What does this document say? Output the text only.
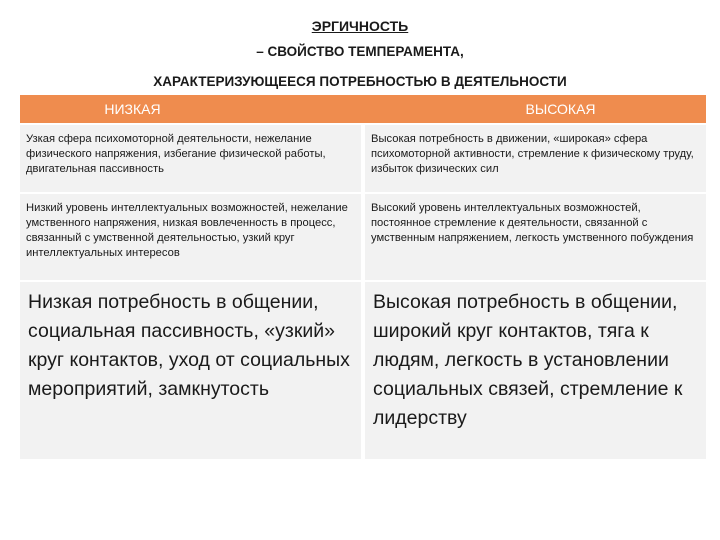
ЭРГИЧНОСТЬ
– СВОЙСТВО ТЕМПЕРАМЕНТА,
ХАРАКТЕРИЗУЮЩЕЕСЯ ПОТРЕБНОСТЬЮ В ДЕЯТЕЛЬНОСТИ
НИЗКАЯ	ВЫСОКАЯ
Узкая сфера психомоторной деятельности, нежелание физического напряжения, избегание физической работы, двигательная пассивность	Высокая потребность в движении, «широкая» сфера психомоторной активности, стремление к физическому труду, избыток физических сил
Низкий уровень интеллектуальных возможностей, нежелание умственного напряжения, низкая вовлеченность в процесс, связанный с умственной деятельностью, узкий круг интеллектуальных интересов	Высокий уровень интеллектуальных возможностей, постоянное стремление к деятельности, связанной с умственным напряжением, легкость умственного побуждения
Низкая потребность в общении, социальная пассивность, «узкий» круг контактов, уход от социальных мероприятий, замкнутость	Высокая потребность в общении, широкий круг контактов, тяга к людям, легкость в установлении социальных связей, стремление к лидерству
